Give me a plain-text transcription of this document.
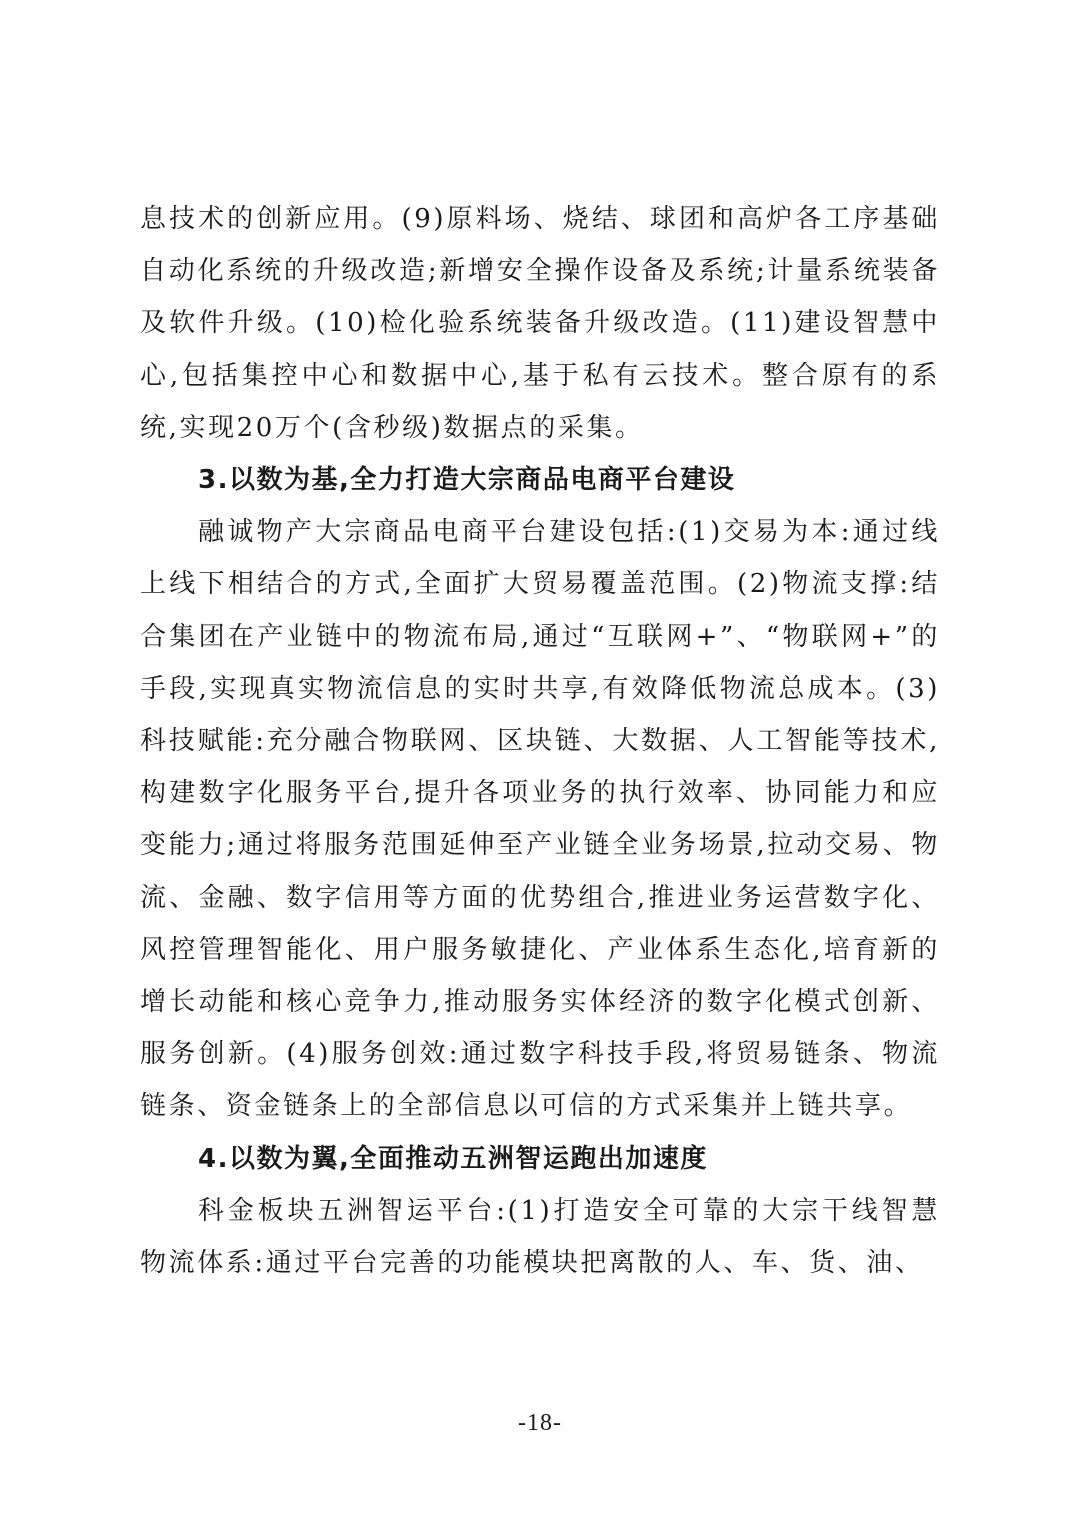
息技术的创新应用。(9)原料场、烧结、球团和高炉各工序基础自动化系统的升级改造;新增安全操作设备及系统;计量系统装备及软件升级。(10)检化验系统装备升级改造。(11)建设智慧中心,包括集控中心和数据中心,基于私有云技术。整合原有的系统,实现20万个(含秒级)数据点的采集。

3.以数为基,全力打造大宗商品电商平台建设

融诚物产大宗商品电商平台建设包括:(1)交易为本:通过线上线下相结合的方式,全面扩大贸易覆盖范围。(2)物流支撑:结合集团在产业链中的物流布局,通过“互联网+”、“物联网+”的手段,实现真实物流信息的实时共享,有效降低物流总成本。(3)科技赋能:充分融合物联网、区块链、大数据、人工智能等技术,构建数字化服务平台,提升各项业务的执行效率、协同能力和应变能力;通过将服务范围延伸至产业链全业务场景,拉动交易、物流、金融、数字信用等方面的优势组合,推进业务运营数字化、风控管理智能化、用户服务敏捷化、产业体系生态化,培育新的增长动能和核心竞争力,推动服务实体经济的数字化模式创新、服务创新。(4)服务创效:通过数字科技手段,将贸易链条、物流链条、资金链条上的全部信息以可信的方式采集并上链共享。

4.以数为翼,全面推动五洲智运跑出加速度

科金板块五洲智运平台:(1)打造安全可靠的大宗干线智慧物流体系:通过平台完善的功能模块把离散的人、车、货、油、

-18-
